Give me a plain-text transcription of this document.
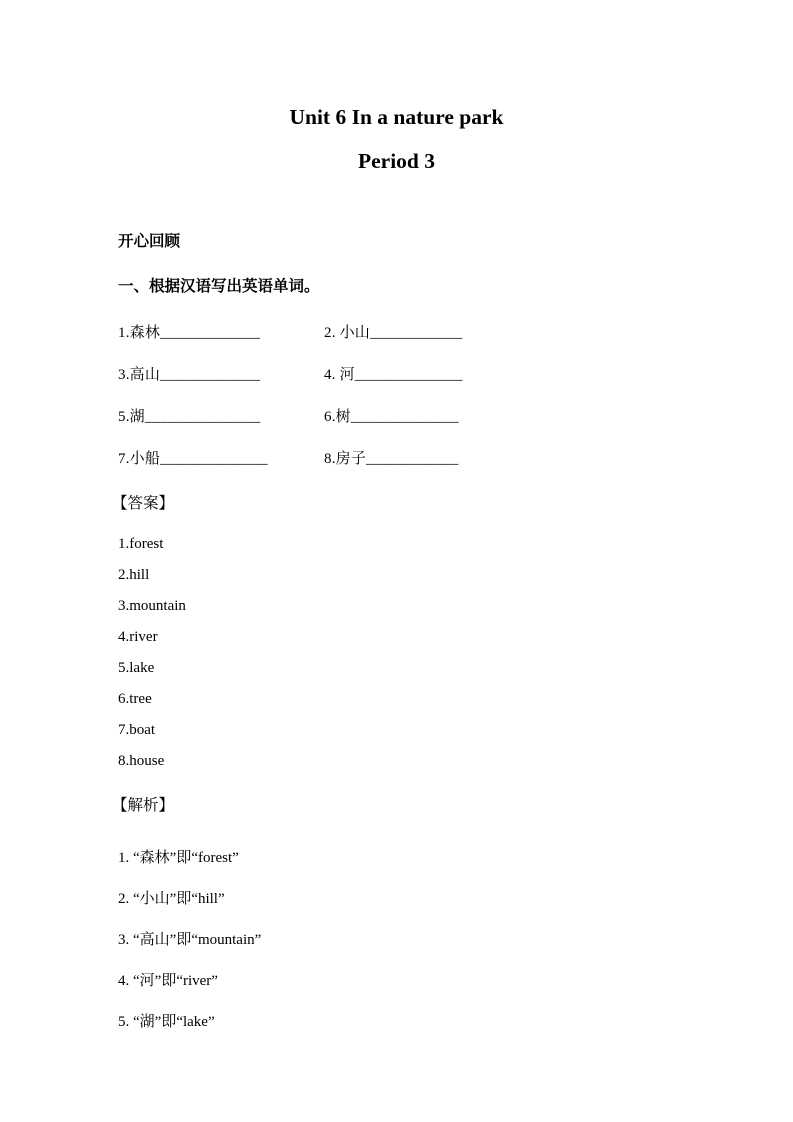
Unit 6 In a nature park
Period 3
开心回顾
一、根据汉语写出英语单词。
1.森林_____________	2. 小山____________
3.高山_____________	4. 河______________
5.湖_______________	6.树______________
7.小船______________	8.房子____________
【答案】
1.forest
2.hill
3.mountain
4.river
5.lake
6.tree
7.boat
8.house
【解析】
1. “森林”即“forest”
2. “小山”即“hill”
3. “高山”即“mountain”
4. “河”即“river”
5. “湖”即“lake”
